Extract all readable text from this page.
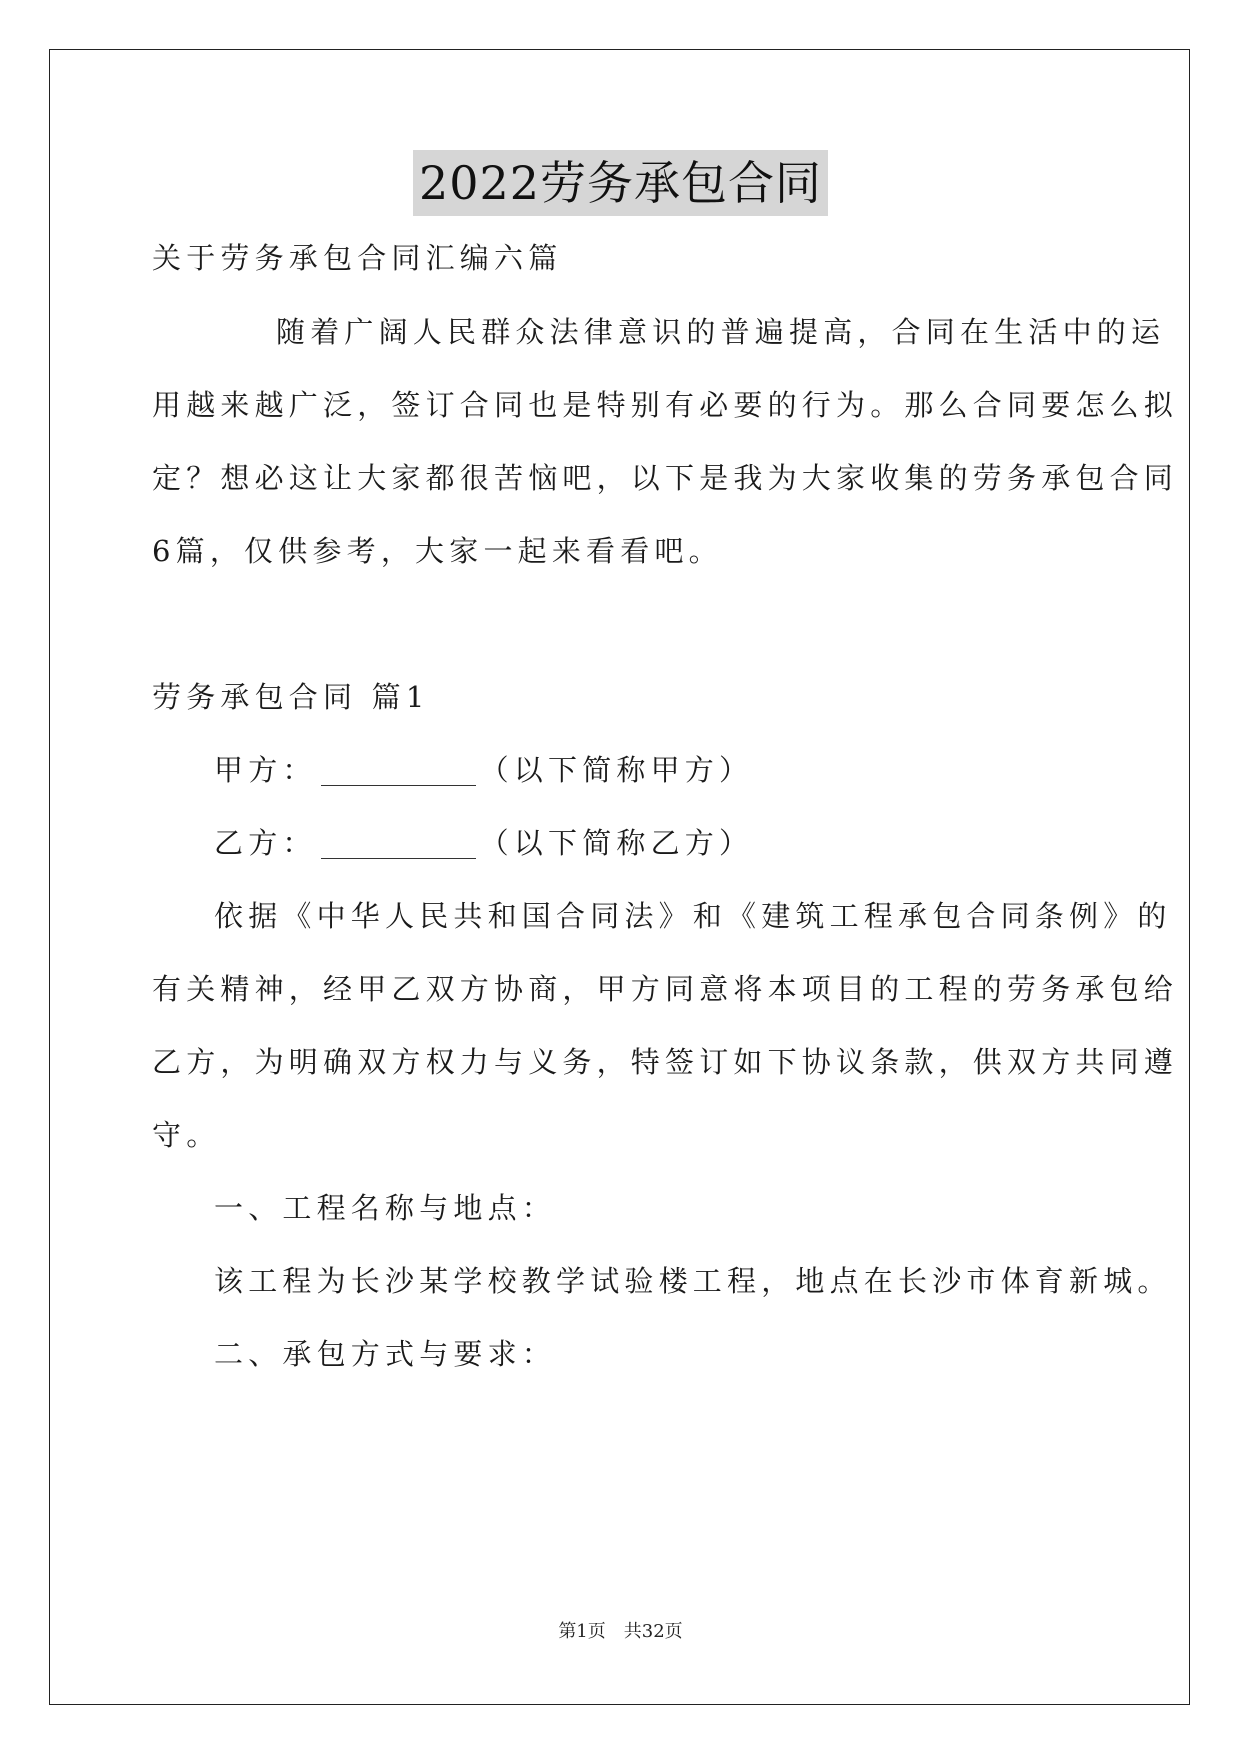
2022劳务承包合同
关于劳务承包合同汇编六篇
随着广阔人民群众法律意识的普遍提高，合同在生活中的运
用越来越广泛，签订合同也是特别有必要的行为。那么合同要怎么拟
定？想必这让大家都很苦恼吧，以下是我为大家收集的劳务承包合同
6篇，仅供参考，大家一起来看看吧。
劳务承包合同 篇1
甲方：	（以下简称甲方）
乙方：	（以下简称乙方）
依据《中华人民共和国合同法》和《建筑工程承包合同条例》的
有关精神，经甲乙双方协商，甲方同意将本项目的工程的劳务承包给
乙方，为明确双方权力与义务，特签订如下协议条款，供双方共同遵
守。
一、工程名称与地点：
该工程为长沙某学校教学试验楼工程，地点在长沙市体育新城。
二、承包方式与要求：
第1页　共32页
